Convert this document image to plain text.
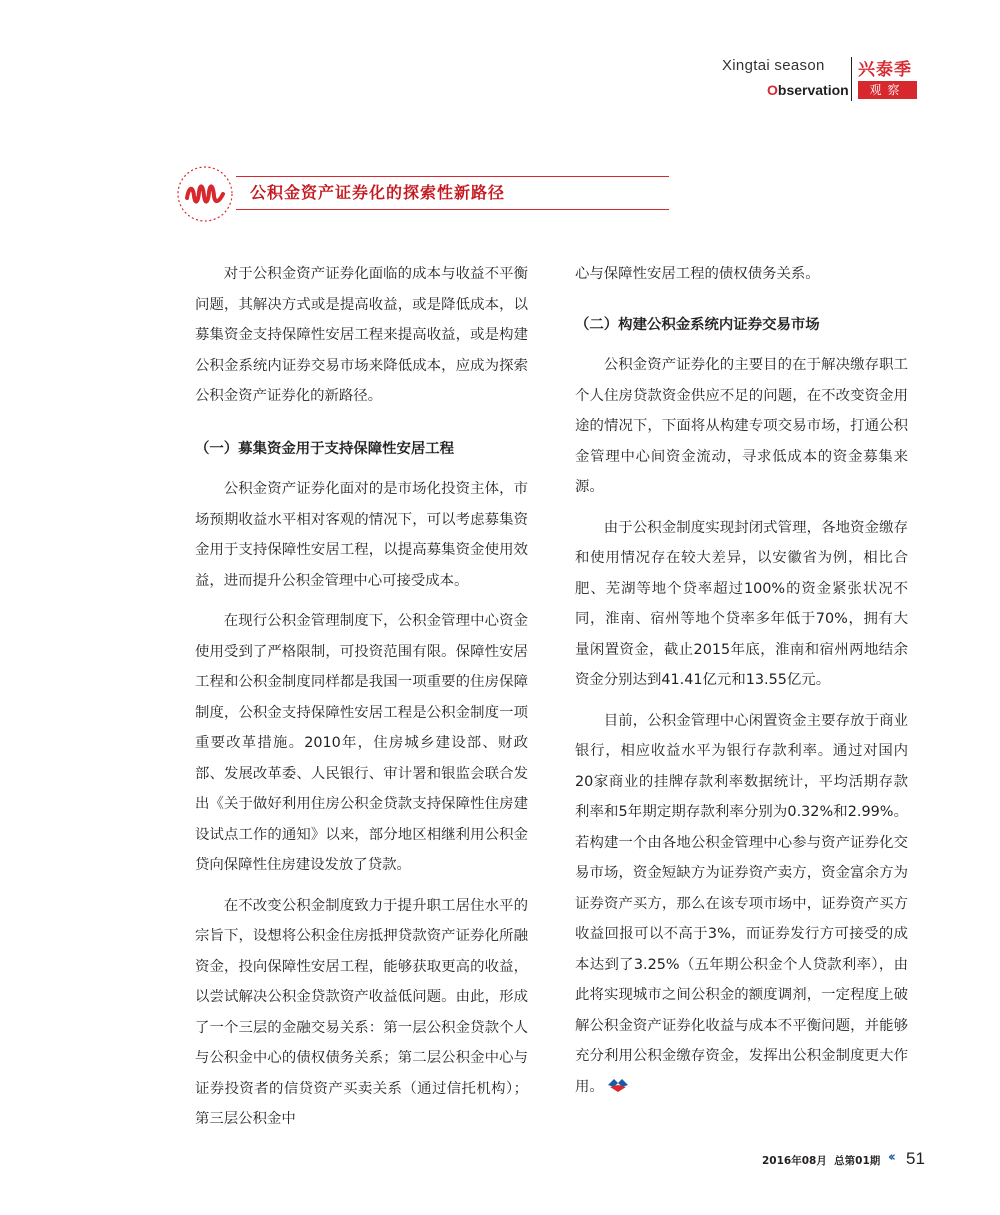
Xingtai season
Observation
兴泰季
观察
公积金资产证券化的探索性新路径

对于公积金资产证券化面临的成本与收益不平衡问题，其解决方式或是提高收益，或是降低成本，以募集资金支持保障性安居工程来提高收益，或是构建公积金系统内证券交易市场来降低成本，应成为探索公积金资产证券化的新路径。

（一）募集资金用于支持保障性安居工程

公积金资产证券化面对的是市场化投资主体，市场预期收益水平相对客观的情况下，可以考虑募集资金用于支持保障性安居工程，以提高募集资金使用效益，进而提升公积金管理中心可接受成本。

在现行公积金管理制度下，公积金管理中心资金使用受到了严格限制，可投资范围有限。保障性安居工程和公积金制度同样都是我国一项重要的住房保障制度，公积金支持保障性安居工程是公积金制度一项重要改革措施。2010年，住房城乡建设部、财政部、发展改革委、人民银行、审计署和银监会联合发出《关于做好利用住房公积金贷款支持保障性住房建设试点工作的通知》以来，部分地区相继利用公积金贷向保障性住房建设发放了贷款。

在不改变公积金制度致力于提升职工居住水平的宗旨下，设想将公积金住房抵押贷款资产证券化所融资金，投向保障性安居工程，能够获取更高的收益，以尝试解决公积金贷款资产收益低问题。由此，形成了一个三层的金融交易关系：第一层公积金贷款个人与公积金中心的债权债务关系；第二层公积金中心与证券投资者的信贷资产买卖关系（通过信托机构）；第三层公积金中

心与保障性安居工程的债权债务关系。

（二）构建公积金系统内证券交易市场

公积金资产证券化的主要目的在于解决缴存职工个人住房贷款资金供应不足的问题，在不改变资金用途的情况下，下面将从构建专项交易市场，打通公积金管理中心间资金流动，寻求低成本的资金募集来源。

由于公积金制度实现封闭式管理，各地资金缴存和使用情况存在较大差异，以安徽省为例，相比合肥、芜湖等地个贷率超过100%的资金紧张状况不同，淮南、宿州等地个贷率多年低于70%，拥有大量闲置资金，截止2015年底，淮南和宿州两地结余资金分别达到41.41亿元和13.55亿元。

目前，公积金管理中心闲置资金主要存放于商业银行，相应收益水平为银行存款利率。通过对国内20家商业的挂牌存款利率数据统计，平均活期存款利率和5年期定期存款利率分别为0.32%和2.99%。若构建一个由各地公积金管理中心参与资产证券化交易市场，资金短缺方为证券资产卖方，资金富余方为证券资产买方，那么在该专项市场中，证券资产买方收益回报可以不高于3%，而证券发行方可接受的成本达到了3.25%（五年期公积金个人贷款利率），由此将实现城市之间公积金的额度调剂，一定程度上破解公积金资产证券化收益与成本不平衡问题，并能够充分利用公积金缴存资金，发挥出公积金制度更大作用。

2016年08月 总第01期 ‹‹ 51
